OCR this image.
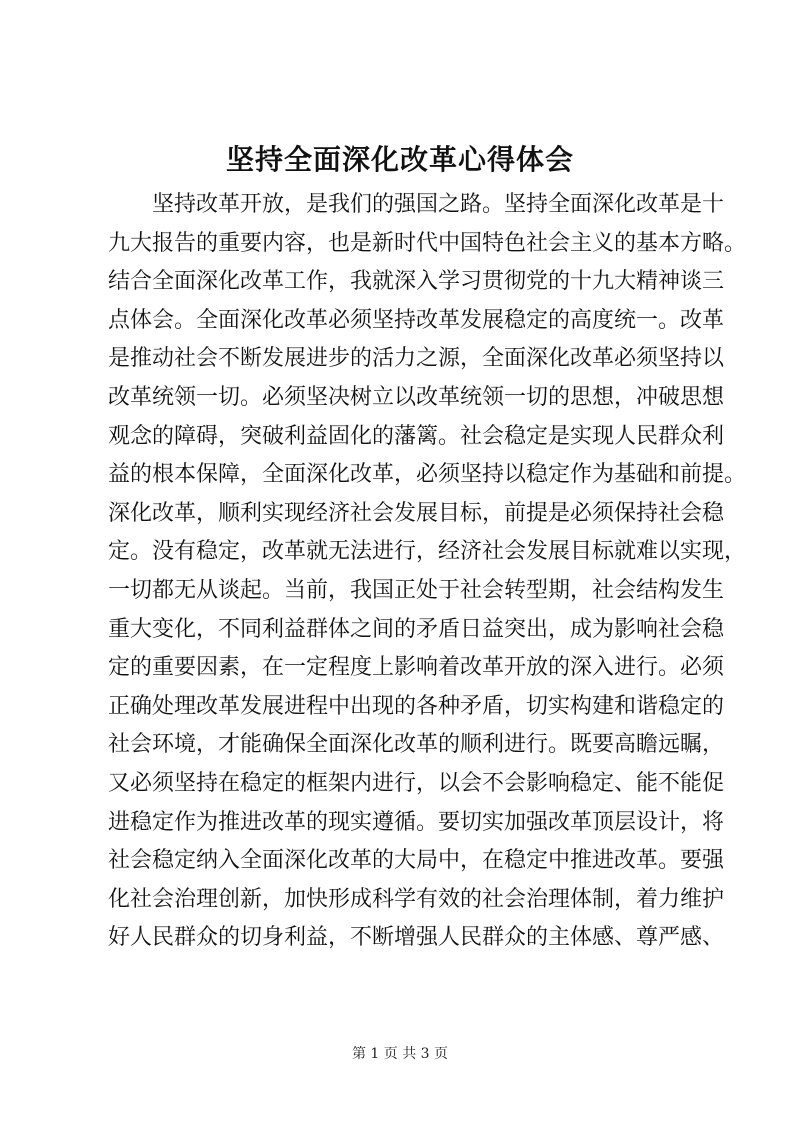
坚持全面深化改革心得体会
坚持改革开放，是我们的强国之路。坚持全面深化改革是十
九大报告的重要内容，也是新时代中国特色社会主义的基本方略。
结合全面深化改革工作，我就深入学习贯彻党的十九大精神谈三
点体会。全面深化改革必须坚持改革发展稳定的高度统一。改革
是推动社会不断发展进步的活力之源，全面深化改革必须坚持以
改革统领一切。必须坚决树立以改革统领一切的思想，冲破思想
观念的障碍，突破利益固化的藩篱。社会稳定是实现人民群众利
益的根本保障，全面深化改革，必须坚持以稳定作为基础和前提。
深化改革，顺利实现经济社会发展目标，前提是必须保持社会稳
定。没有稳定，改革就无法进行，经济社会发展目标就难以实现，
一切都无从谈起。当前，我国正处于社会转型期，社会结构发生
重大变化，不同利益群体之间的矛盾日益突出，成为影响社会稳
定的重要因素，在一定程度上影响着改革开放的深入进行。必须
正确处理改革发展进程中出现的各种矛盾，切实构建和谐稳定的
社会环境，才能确保全面深化改革的顺利进行。既要高瞻远瞩，
又必须坚持在稳定的框架内进行，以会不会影响稳定、能不能促
进稳定作为推进改革的现实遵循。要切实加强改革顶层设计，将
社会稳定纳入全面深化改革的大局中，在稳定中推进改革。要强
化社会治理创新，加快形成科学有效的社会治理体制，着力维护
好人民群众的切身利益，不断增强人民群众的主体感、尊严感、
第 1 页 共 3 页
